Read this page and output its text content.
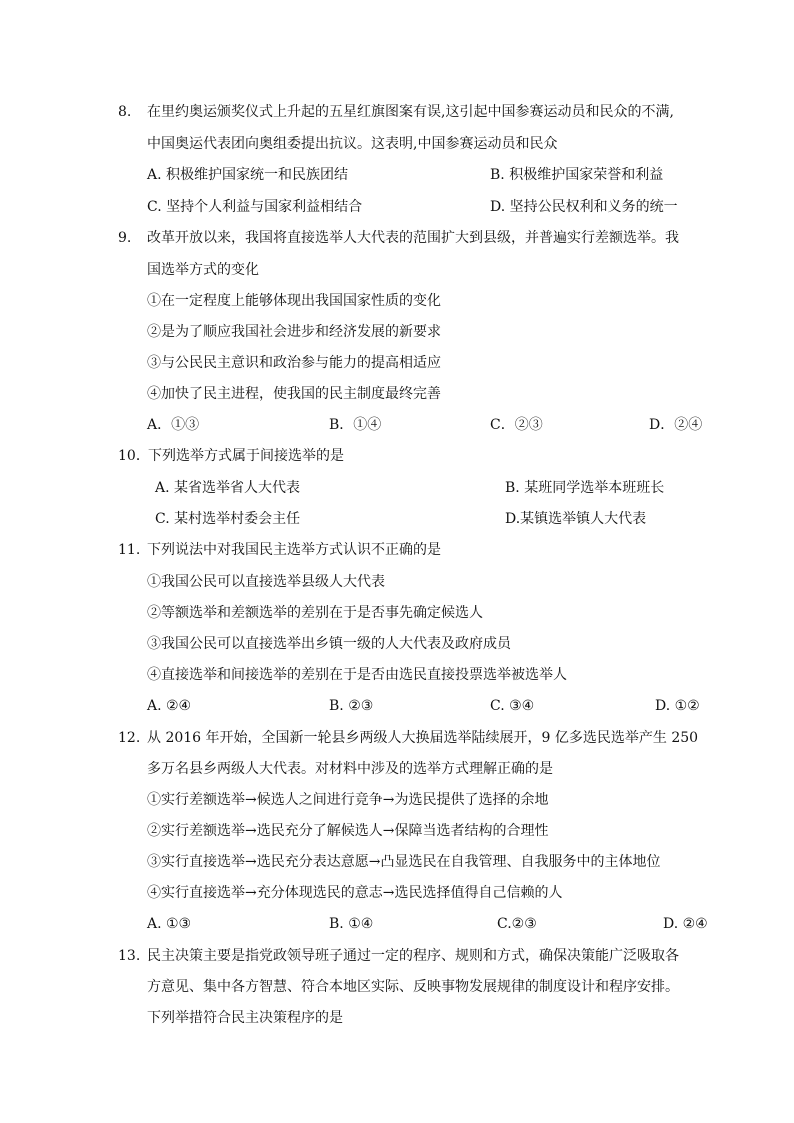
8. 在里约奥运颁奖仪式上升起的五星红旗图案有误,这引起中国参赛运动员和民众的不满,
中国奥运代表团向奥组委提出抗议。这表明,中国参赛运动员和民众
A. 积极维护国家统一和民族团结	B. 积极维护国家荣誉和利益
C. 坚持个人利益与国家利益相结合	D. 坚持公民权利和义务的统一
9. 改革开放以来，我国将直接选举人大代表的范围扩大到县级，并普遍实行差额选举。我
国选举方式的变化
①在一定程度上能够体现出我国国家性质的变化
②是为了顺应我国社会进步和经济发展的新要求
③与公民民主意识和政治参与能力的提高相适应
④加快了民主进程，使我国的民主制度最终完善
A．①③	B．①④	C．②③	D．②④
10．
下列选举方式属于间接选举的是
A. 某省选举省人大代表	B. 某班同学选举本班班长
C. 某村选举村委会主任	D.某镇选举镇人大代表
11. 下列说法中对我国民主选举方式认识不正确的是
①我国公民可以直接选举县级人大代表
②等额选举和差额选举的差别在于是否事先确定候选人
③我国公民可以直接选举出乡镇一级的人大代表及政府成员
④直接选举和间接选举的差别在于是否由选民直接投票选举被选举人
A. ②④	B. ②③	C. ③④	D. ①②
12. 从 2016 年开始，全国新一轮县乡两级人大换届选举陆续展开，9 亿多选民选举产生 250
多万名县乡两级人大代表。对材料中涉及的选举方式理解正确的是
①实行差额选举→候选人之间进行竞争→为选民提供了选择的余地
②实行差额选举→选民充分了解候选人→保障当选者结构的合理性
③实行直接选举→选民充分表达意愿→凸显选民在自我管理、自我服务中的主体地位
④实行直接选举→充分体现选民的意志→选民选择值得自己信赖的人
A. ①③	B. ①④	C.②③	D. ②④
13. 民主决策主要是指党政领导班子通过一定的程序、规则和方式，确保决策能广泛吸取各
方意见、集中各方智慧、符合本地区实际、反映事物发展规律的制度设计和程序安排。
下列举措符合民主决策程序的是
